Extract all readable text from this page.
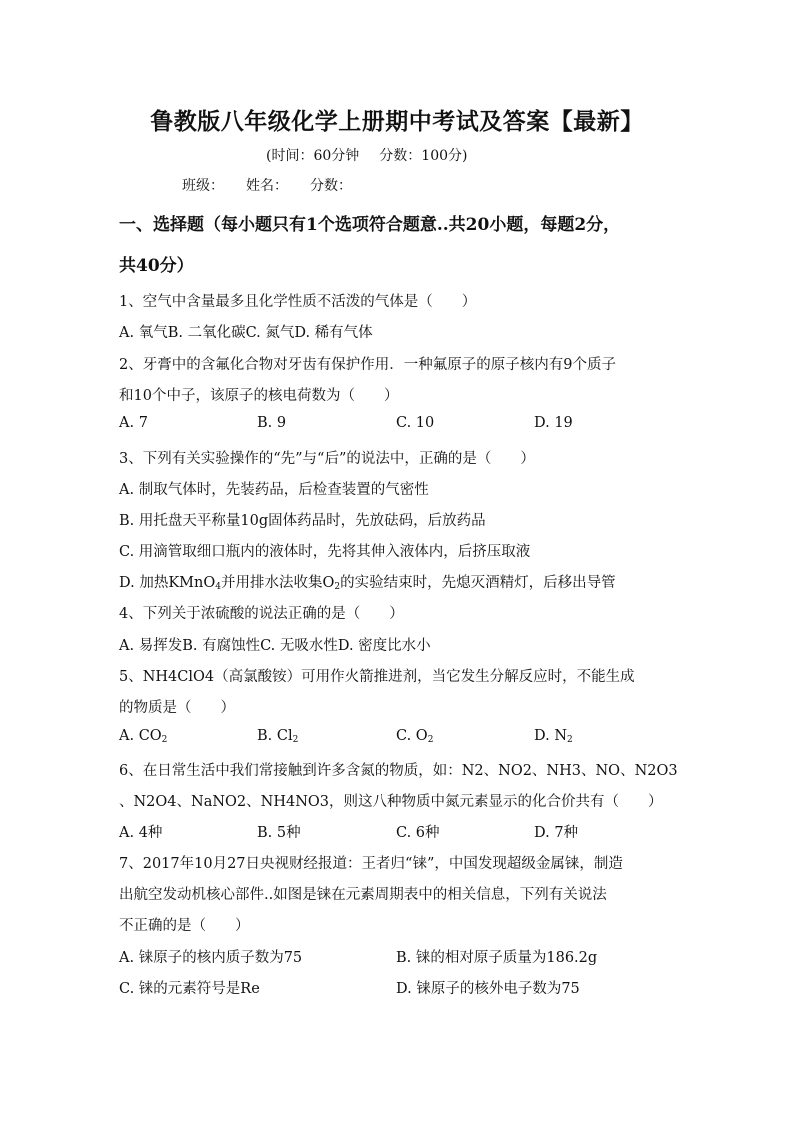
鲁教版八年级化学上册期中考试及答案【最新】
(时间：60分钟 分数：100分)
班级： 姓名： 分数：
一、选择题（每小题只有1个选项符合题意..共20小题，每题2分，
共40分）
1、空气中含量最多且化学性质不活泼的气体是（　　）
A. 氧气B. 二氧化碳C. 氮气D. 稀有气体
2、牙膏中的含氟化合物对牙齿有保护作用．一种氟原子的原子核内有9个质子
和10个中子，该原子的核电荷数为（　　）
A. 7	B. 9	C. 10	D. 19
3、下列有关实验操作的“先”与“后”的说法中，正确的是（　　）
A. 制取气体时，先装药品，后检查装置的气密性
B. 用托盘天平称量10g固体药品时，先放砝码，后放药品
C. 用滴管取细口瓶内的液体时，先将其伸入液体内，后挤压取液
D. 加热KMnO$_4$并用排水法收集$O_2$的实验结束时，先熄灭酒精灯，后移出导管
4、下列关于浓硫酸的说法正确的是（　　）
A. 易挥发B. 有腐蚀性C. 无吸水性D. 密度比水小
5、NH4ClO4（高氯酸铵）可用作火箭推进剂，当它发生分解反应时，不能生成
的物质是（　　）
A. $CO_2$	B. $Cl_2$	C. $O_2$	D. $N_2$
6、在日常生活中我们常接触到许多含氮的物质，如：N2、NO2、NH3、NO、N2O3
、N2O4、NaNO2、NH4NO3，则这八种物质中氮元素显示的化合价共有（　　）
A. 4种	B. 5种	C. 6种	D. 7种
7、2017年10月27日央视财经报道：王者归“铼”，中国发现超级金属铼，制造
出航空发动机核心部件..如图是铼在元素周期表中的相关信息，下列有关说法
不正确的是（　　）
A. 铼原子的核内质子数为75	B. 铼的相对原子质量为186.2g
C. 铼的元素符号是Re	D. 铼原子的核外电子数为75
